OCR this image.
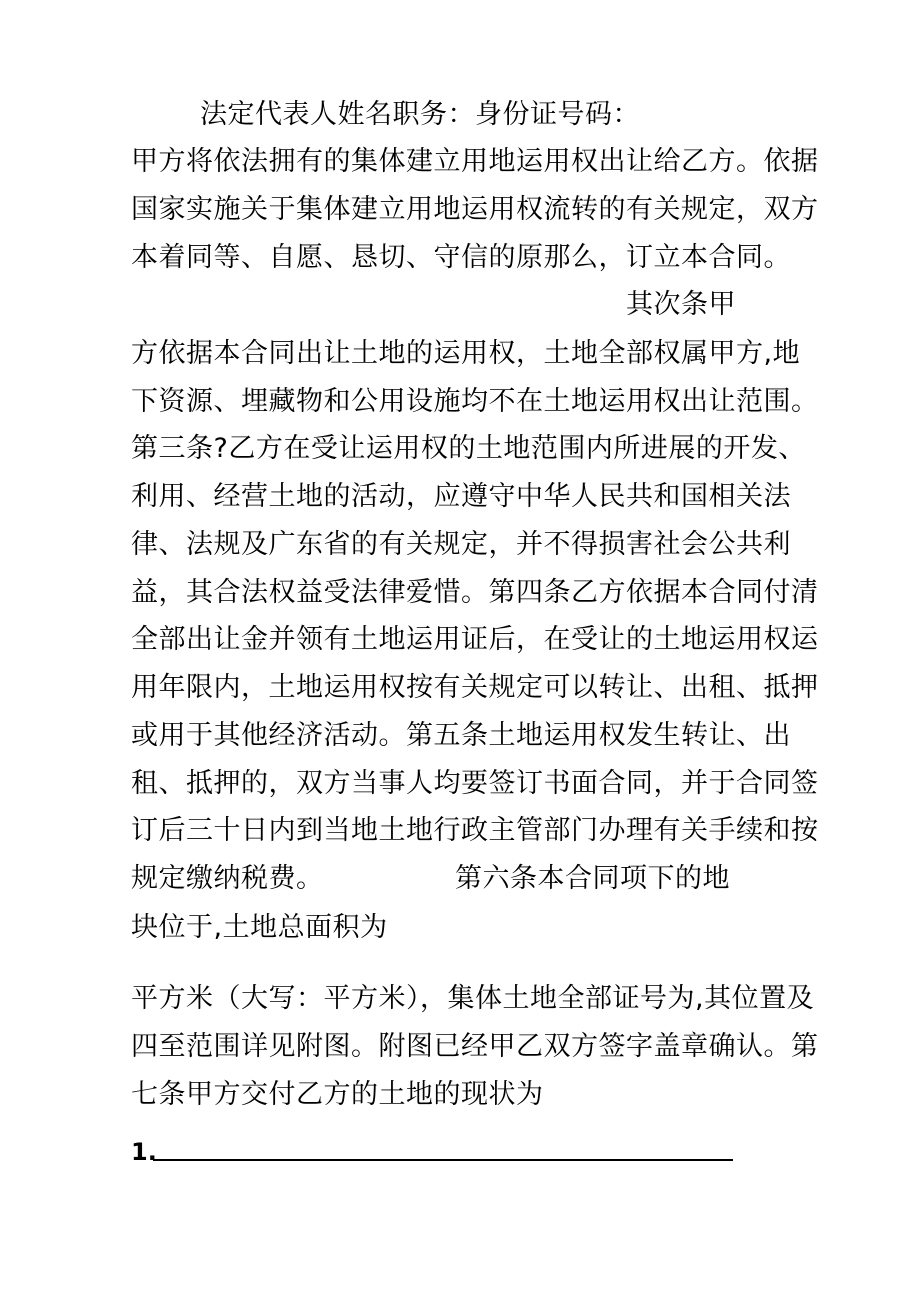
法定代表人姓名职务：身份证号码：
甲方将依法拥有的集体建立用地运用权出让给乙方。依据
国家实施关于集体建立用地运用权流转的有关规定，双方
本着同等、自愿、恳切、守信的原那么，订立本合同。
其次条甲
方依据本合同出让土地的运用权，土地全部权属甲方,地
下资源、埋藏物和公用设施均不在土地运用权出让范围。
第三条?乙方在受让运用权的土地范围内所进展的开发、
利用、经营土地的活动，应遵守中华人民共和国相关法
律、法规及广东省的有关规定，并不得损害社会公共利
益，其合法权益受法律爱惜。第四条乙方依据本合同付清
全部出让金并领有土地运用证后，在受让的土地运用权运
用年限内，土地运用权按有关规定可以转让、出租、抵押
或用于其他经济活动。第五条土地运用权发生转让、出
租、抵押的，双方当事人均要签订书面合同，并于合同签
订后三十日内到当地土地行政主管部门办理有关手续和按
规定缴纳税费。	第六条本合同项下的地
块位于,土地总面积为
平方米（大写：平方米），集体土地全部证号为,其位置及
四至范围详见附图。附图已经甲乙双方签字盖章确认。第
七条甲方交付乙方的土地的现状为
1.
